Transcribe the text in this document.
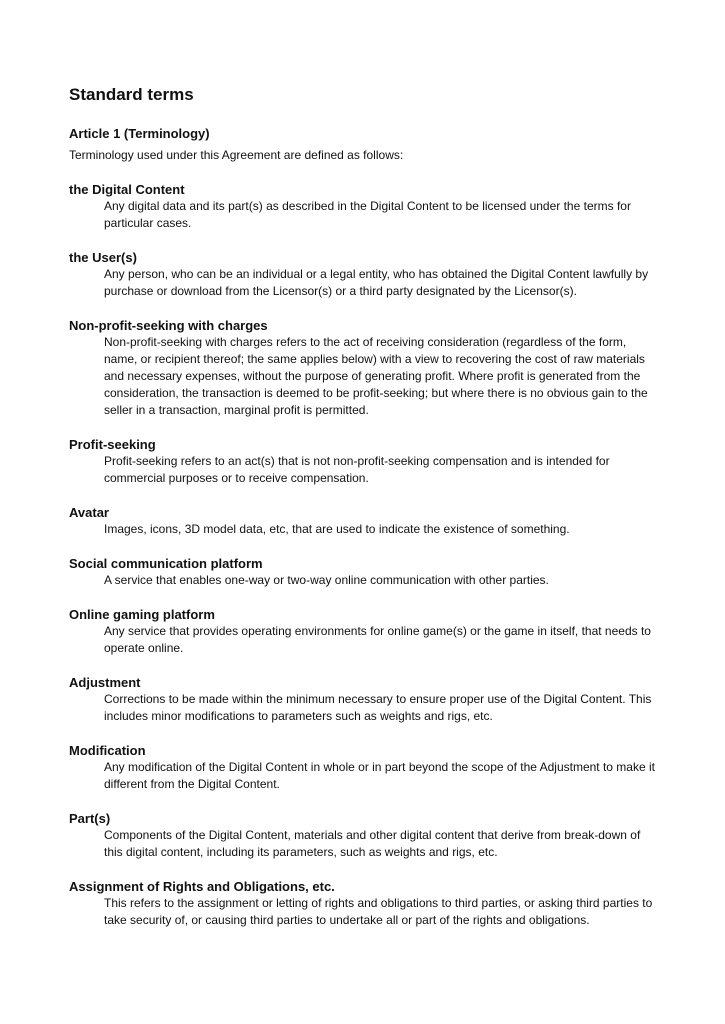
Standard terms
Article 1 (Terminology)

Terminology used under this Agreement are defined as follows:

the Digital Content
Any digital data and its part(s) as described in the Digital Content to be licensed under the terms for particular cases.
the User(s)
Any person, who can be an individual or a legal entity, who has obtained the Digital Content lawfully by purchase or download from the Licensor(s) or a third party designated by the Licensor(s).
Non-profit-seeking with charges
Non-profit-seeking with charges refers to the act of receiving consideration (regardless of the form, name, or recipient thereof; the same applies below) with a view to recovering the cost of raw materials and necessary expenses, without the purpose of generating profit. Where profit is generated from the consideration, the transaction is deemed to be profit-seeking; but where there is no obvious gain to the seller in a transaction, marginal profit is permitted.
Profit-seeking
Profit-seeking refers to an act(s) that is not non-profit-seeking compensation and is intended for commercial purposes or to receive compensation.
Avatar
Images, icons, 3D model data, etc, that are used to indicate the existence of something.
Social communication platform
A service that enables one-way or two-way online communication with other parties.
Online gaming platform
Any service that provides operating environments for online game(s) or the game in itself, that needs to operate online.
Adjustment
Corrections to be made within the minimum necessary to ensure proper use of the Digital Content. This includes minor modifications to parameters such as weights and rigs, etc.
Modification
Any modification of the Digital Content in whole or in part beyond the scope of the Adjustment to make it different from the Digital Content.
Part(s)
Components of the Digital Content, materials and other digital content that derive from break-down of this digital content, including its parameters, such as weights and rigs, etc.
Assignment of Rights and Obligations, etc.
This refers to the assignment or letting of rights and obligations to third parties, or asking third parties to take security of, or causing third parties to undertake all or part of the rights and obligations.
